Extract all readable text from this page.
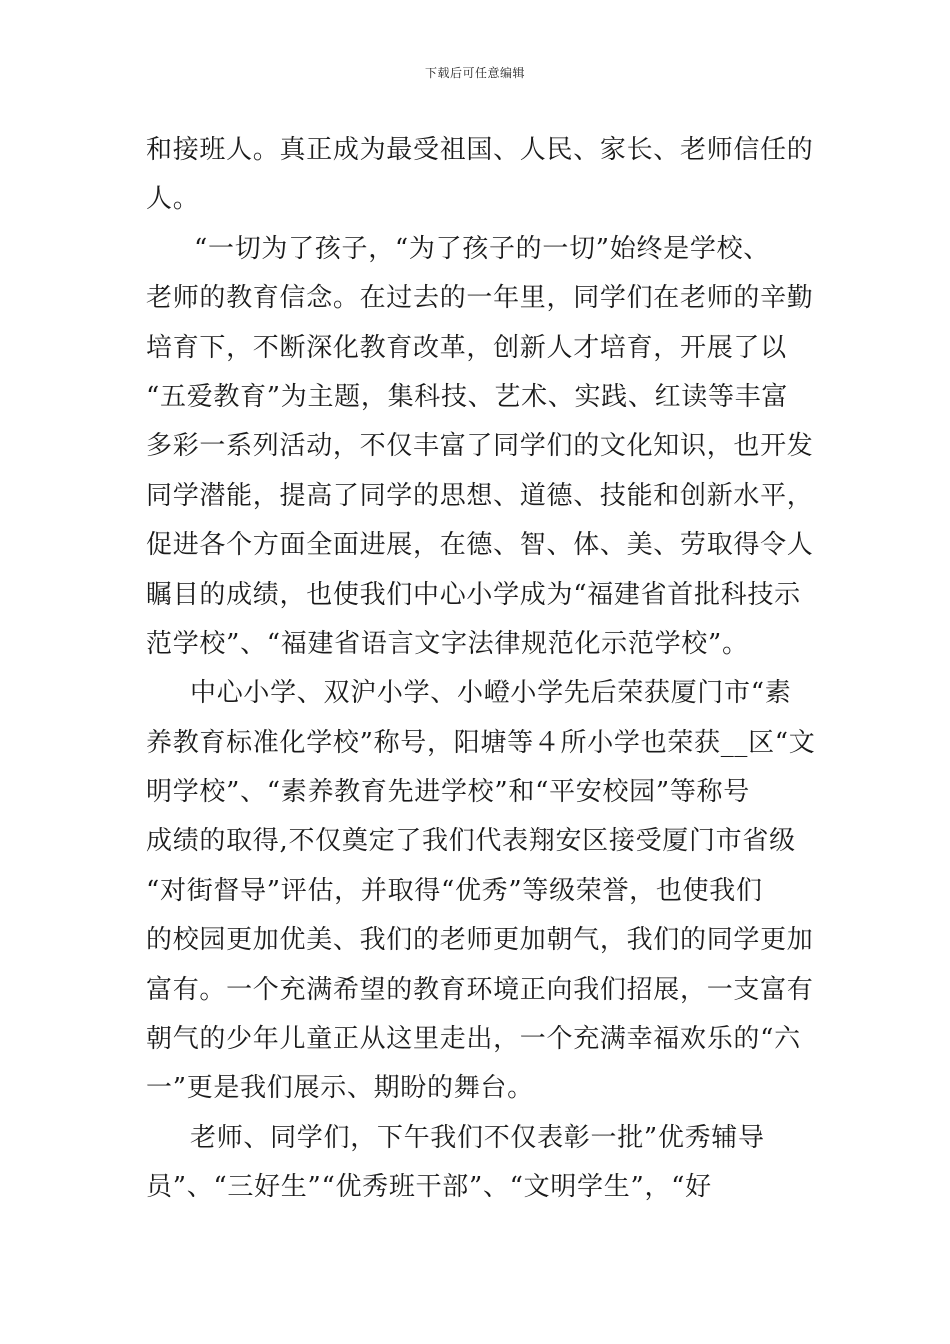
下载后可任意编辑
和接班人。真正成为最受祖国、人民、家长、老师信任的
人。
“一切为了孩子，“为了孩子的一切”始终是学校、
老师的教育信念。在过去的一年里，同学们在老师的辛勤
培育下，不断深化教育改革，创新人才培育，开展了以
“五爱教育”为主题，集科技、艺术、实践、红读等丰富
多彩一系列活动，不仅丰富了同学们的文化知识，也开发
同学潜能，提高了同学的思想、道德、技能和创新水平，
促进各个方面全面进展，在德、智、体、美、劳取得令人
瞩目的成绩，也使我们中心小学成为“福建省首批科技示
范学校”、“福建省语言文字法律规范化示范学校”。
中心小学、双沪小学、小嶝小学先后荣获厦门市“素
养教育标准化学校”称号，阳塘等４所小学也荣获__区“文
明学校”、“素养教育先进学校”和“平安校园”等称号
成绩的取得,不仅奠定了我们代表翔安区接受厦门市省级
“对街督导”评估，并取得“优秀”等级荣誉，也使我们
的校园更加优美、我们的老师更加朝气，我们的同学更加
富有。一个充满希望的教育环境正向我们招展，一支富有
朝气的少年儿童正从这里走出，一个充满幸福欢乐的“六
一”更是我们展示、期盼的舞台。
老师、同学们，下午我们不仅表彰一批”优秀辅导
员”、“三好生”“优秀班干部”、“文明学生”，“好
